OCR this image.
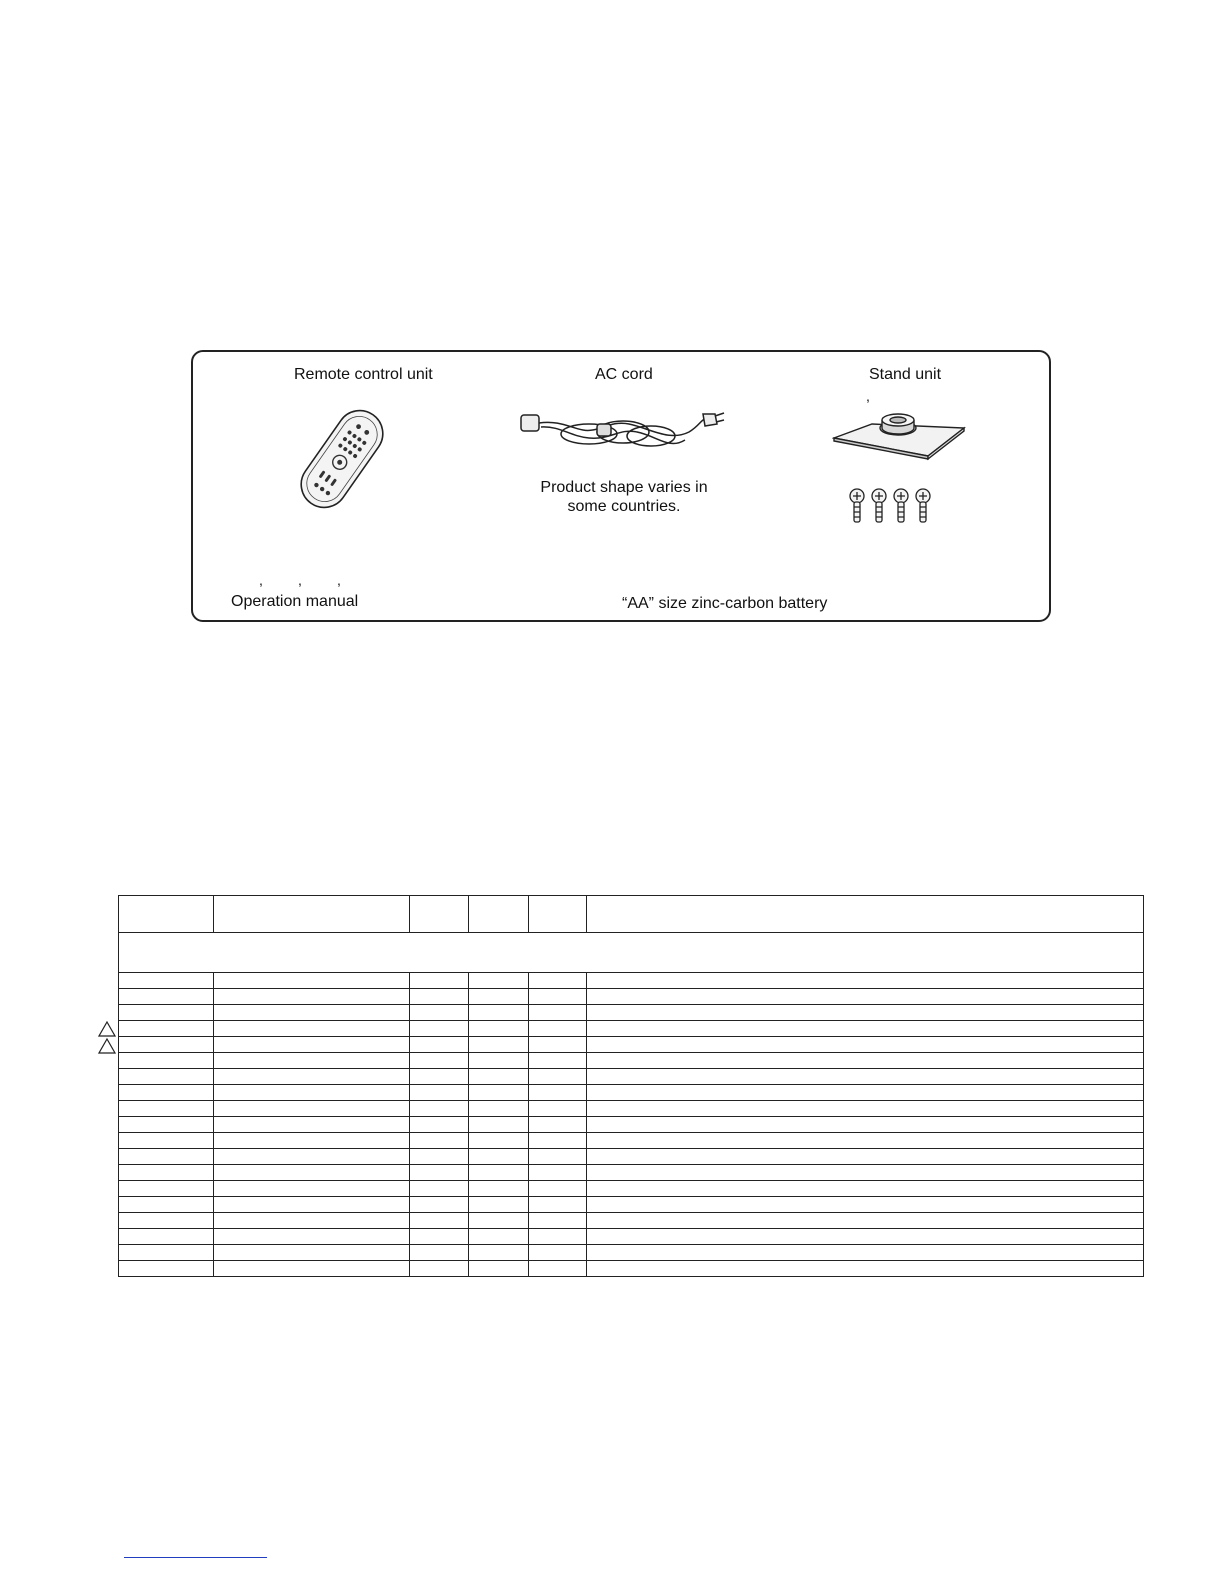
Remote control unit	AC cord	Stand unit
,
Product shape varies in some countries.
,	,	,
Operation manual	“AA” size zinc-carbon battery
